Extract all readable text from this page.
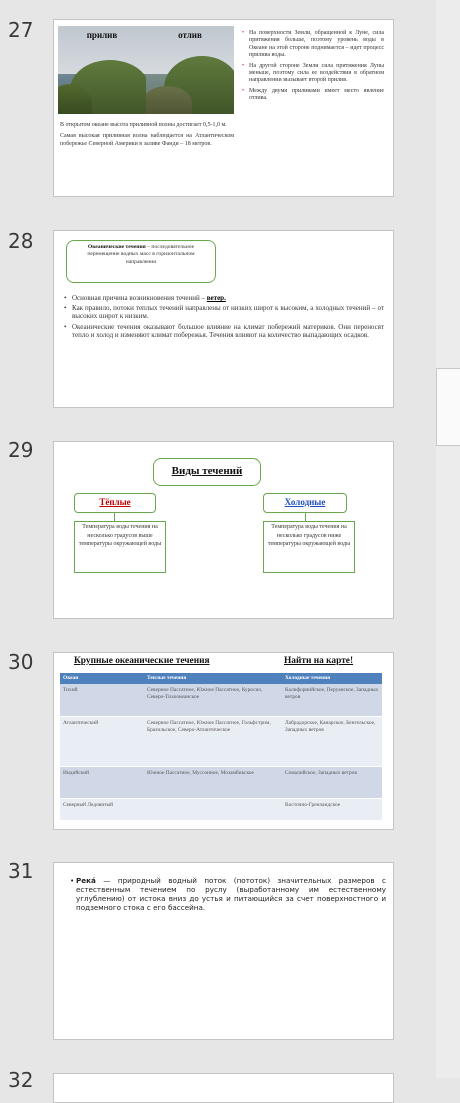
27	прилив	отлив	• На поверхности Земли, обращенной к Луне, сила притяжения больше, поэтому уровень воды в Океане на этой стороне поднимается – идет процесс прилива воды.

• На другой стороне Земли сила притяжения Луны меньше, поэтому сила ее воздействия в обратном направлении вызывает второй прилив.

• Между двумя приливами имеет место явление отлива.

В открытом океане высота приливной волны достигает 0,5-1,0 м.

Самая высокая приливная волна наблюдается на Атлантическом побережье Северной Америки в заливе Фанди – 18 метров.

28	Океанические течения – последовательное перемещение водных масс в горизонтальном направлении

• Основная причина возникновения течений – ветер.

• Как правило, потоки теплых течений направлены от низких широт к высоким, а холодных течений – от высоких широт к низким.

• Океанические течения оказывают большое влияние на климат побережий материков. Они переносят тепло и холод и изменяют климат побережья. Течения влияют на количество выпадающих осадков.

29
Виды течений
Тёплые	Холодные
Температура воды течения на несколько градусов выше температуры окружающей воды
Температура воды течения на несколько градусов ниже температуры окружающей воды
30	Крупные океанические течения	Найти на карте!
Океан	Теплые течения	Холодные течения
Тихий	Северное Пассатное, Южное Пассатное, Куросио, Северо-Тихоокеанское	Калифорнийское, Перуанское, Западных ветров
Атлантический	Северное Пассатное, Южное Пассатное, Гольфстрим, Бразильское, Северо-Атлантическое	Лабрадорское, Канарское, Бенгельское, Западных ветров
Индийский	Южное Пассатное, Муссонное, Мозамбикское	Сомалийское, Западных ветров
Северный Ледовитый		Восточно-Гренландское
31	• Река́ — природный водный поток (пототок) значительных размеров с естественным течением по руслу (выработанному им естественному углублению) от истока вниз до устья и питающийся за счет поверхностного и подземного стока с его бассейна.

32
